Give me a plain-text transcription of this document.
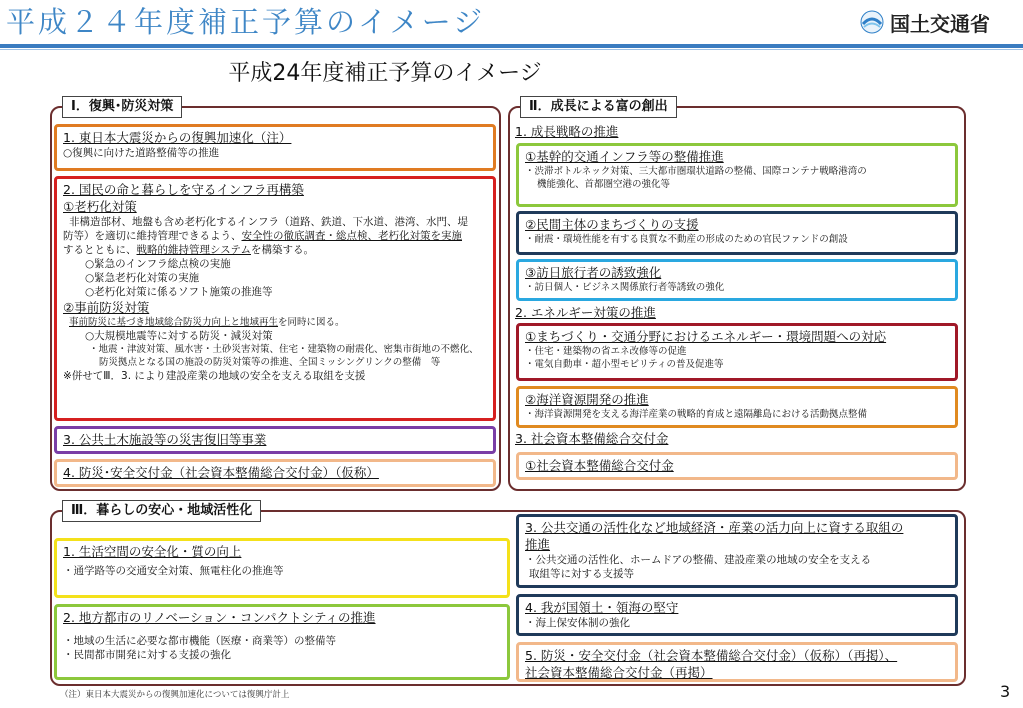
平成２４年度補正予算のイメージ	国土交通省
平成24年度補正予算のイメージ
Ⅰ．復興･防災対策
1. 東日本大震災からの復興加速化（注）
○復興に向けた道路整備等の推進
2. 国民の命と暮らしを守るインフラ再構築
①老朽化対策
非構造部材、地盤も含め老朽化するインフラ（道路、鉄道、下水道、港湾、水門、堤
防等）を適切に維持管理できるよう、安全性の徹底調査・総点検、老朽化対策を実施
するとともに、戦略的維持管理システムを構築する。
○緊急のインフラ総点検の実施
○緊急老朽化対策の実施
○老朽化対策に係るソフト施策の推進等
②事前防災対策
事前防災に基づき地域総合防災力向上と地域再生を同時に図る。
○大規模地震等に対する防災・減災対策
・地震・津波対策、風水害・土砂災害対策、住宅・建築物の耐震化、密集市街地の不燃化、
防災拠点となる国の施設の防災対策等の推進、全国ミッシングリンクの整備　等
※併せてⅢ．3. により建設産業の地域の安全を支える取組を支援
3. 公共土木施設等の災害復旧等事業
4. 防災･安全交付金（社会資本整備総合交付金）（仮称）
Ⅱ．成長による富の創出
1. 成長戦略の推進
①基幹的交通インフラ等の整備推進
・渋滞ボトルネック対策、三大都市圏環状道路の整備、国際コンテナ戦略港湾の
機能強化、首都圏空港の強化等
②民間主体のまちづくりの支援
・耐震・環境性能を有する良質な不動産の形成のための官民ファンドの創設
③訪日旅行者の誘致強化
・訪日個人・ビジネス関係旅行者等誘致の強化
2. エネルギー対策の推進
①まちづくり・交通分野におけるエネルギー・環境問題への対応
・住宅・建築物の省エネ改修等の促進
・電気自動車・超小型モビリティの普及促進等
②海洋資源開発の推進
・海洋資源開発を支える海洋産業の戦略的育成と遠隔離島における活動拠点整備
3. 社会資本整備総合交付金
①社会資本整備総合交付金
Ⅲ．暮らしの安心・地域活性化
1. 生活空間の安全化・質の向上
・通学路等の交通安全対策、無電柱化の推進等
2. 地方都市のリノベーション・コンパクトシティの推進
・地域の生活に必要な都市機能（医療・商業等）の整備等
・民間都市開発に対する支援の強化
3. 公共交通の活性化など地域経済・産業の活力向上に資する取組の
推進
・公共交通の活性化、ホームドアの整備、建設産業の地域の安全を支える
取組等に対する支援等
4. 我が国領土・領海の堅守
・海上保安体制の強化
5. 防災・安全交付金（社会資本整備総合交付金）（仮称）（再掲）、
社会資本整備総合交付金（再掲）
（注）東日本大震災からの復興加速化については復興庁計上	3
